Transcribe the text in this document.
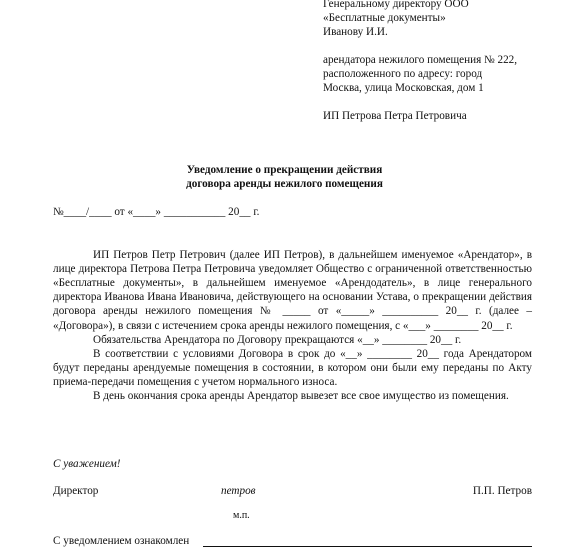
Генеральному директору ООО
«Бесплатные документы»
Иванову И.И.
арендатора нежилого помещения № 222,
расположенного по адресу: город
Москва, улица Московская, дом 1
ИП Петрова Петра Петровича
Уведомление о прекращении действия
договора аренды нежилого помещения
№____/____ от «____» ___________ 20__ г.

ИП Петров Петр Петрович (далее ИП Петров), в дальнейшем именуемое «Арендатор», в лице директора Петрова Петра Петровича уведомляет Общество с ограниченной ответственностью «Бесплатные документы», в дальнейшем именуемое «Арендодатель», в лице генерального директора Иванова Ивана Ивановича, действующего на основании Устава, о прекращении действия договора аренды нежилого помещения № _____ от «_____» __________ 20__ г. (далее – «Договора»), в связи с истечением срока аренды нежилого помещения, с «___» ________ 20__ г.

Обязательства Арендатора по Договору прекращаются «__» ________ 20__ г.

В соответствии с условиями Договора в срок до «__» ________ 20__ года Арендатором будут переданы арендуемые помещения в состоянии, в котором они были ему переданы по Акту приема-передачи помещения с учетом нормального износа.

В день окончания срока аренды Арендатор вывезет все свое имущество из помещения.

С уважением!
Директор	петров	П.П. Петров
м.п.
С уведомлением ознакомлен
